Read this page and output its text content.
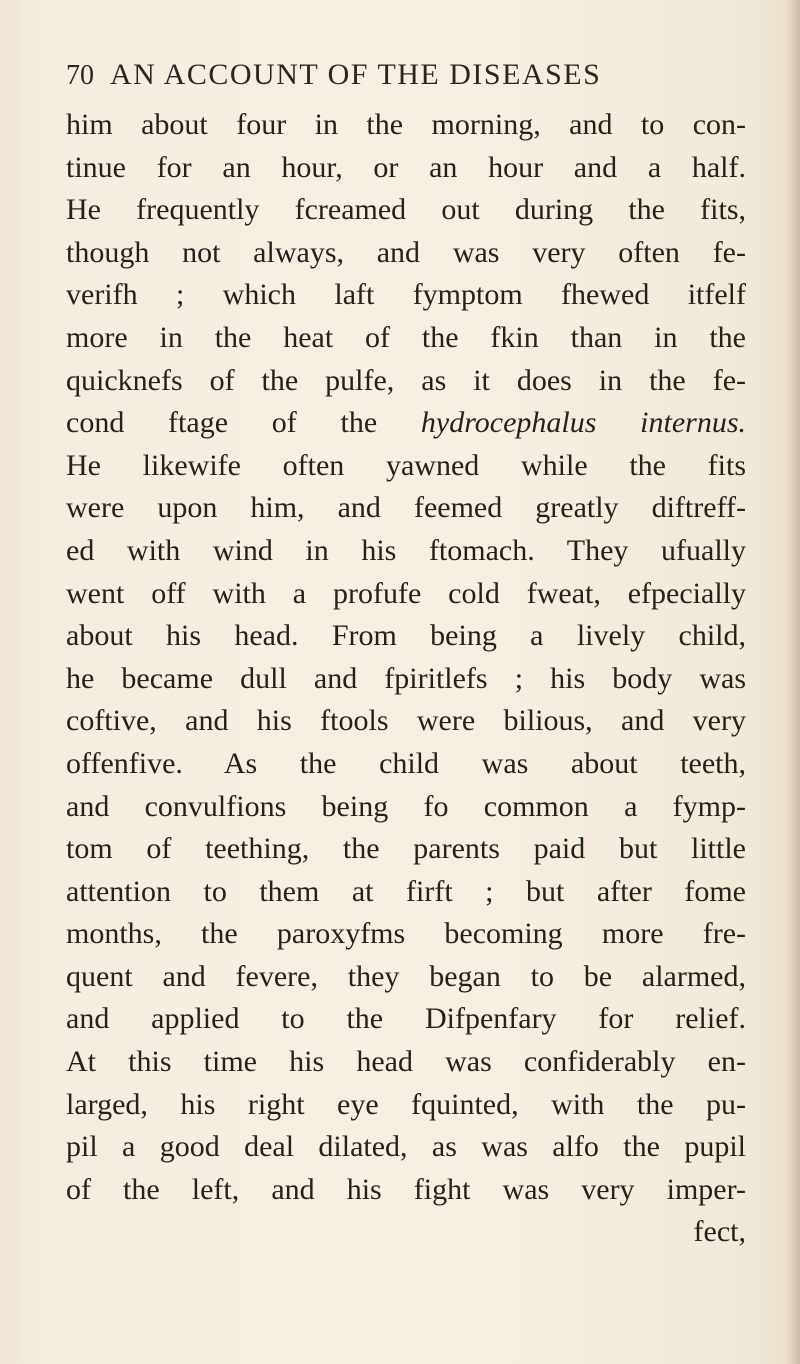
70 AN ACCOUNT OF THE DISEASES
him about four in the morning, and to con-
tinue for an hour, or an hour and a half.
He frequently fcreamed out during the fits,
though not always, and was very often fe-
verifh ; which laft fymptom fhewed itfelf
more in the heat of the fkin than in the
quicknefs of the pulfe, as it does in the fe-
cond ftage of the hydrocephalus internus.
He likewife often yawned while the fits
were upon him, and feemed greatly diftreff-
ed with wind in his ftomach. They ufually
went off with a profufe cold fweat, efpecially
about his head. From being a lively child,
he became dull and fpiritlefs ; his body was
coftive, and his ftools were bilious, and very
offenfive. As the child was about teeth,
and convulfions being fo common a fymp-
tom of teething, the parents paid but little
attention to them at firft ; but after fome
months, the paroxyfms becoming more fre-
quent and fevere, they began to be alarmed,
and applied to the Difpenfary for relief.
At this time his head was confiderably en-
larged, his right eye fquinted, with the pu-
pil a good deal dilated, as was alfo the pupil
of the left, and his fight was very imper-
fect,
